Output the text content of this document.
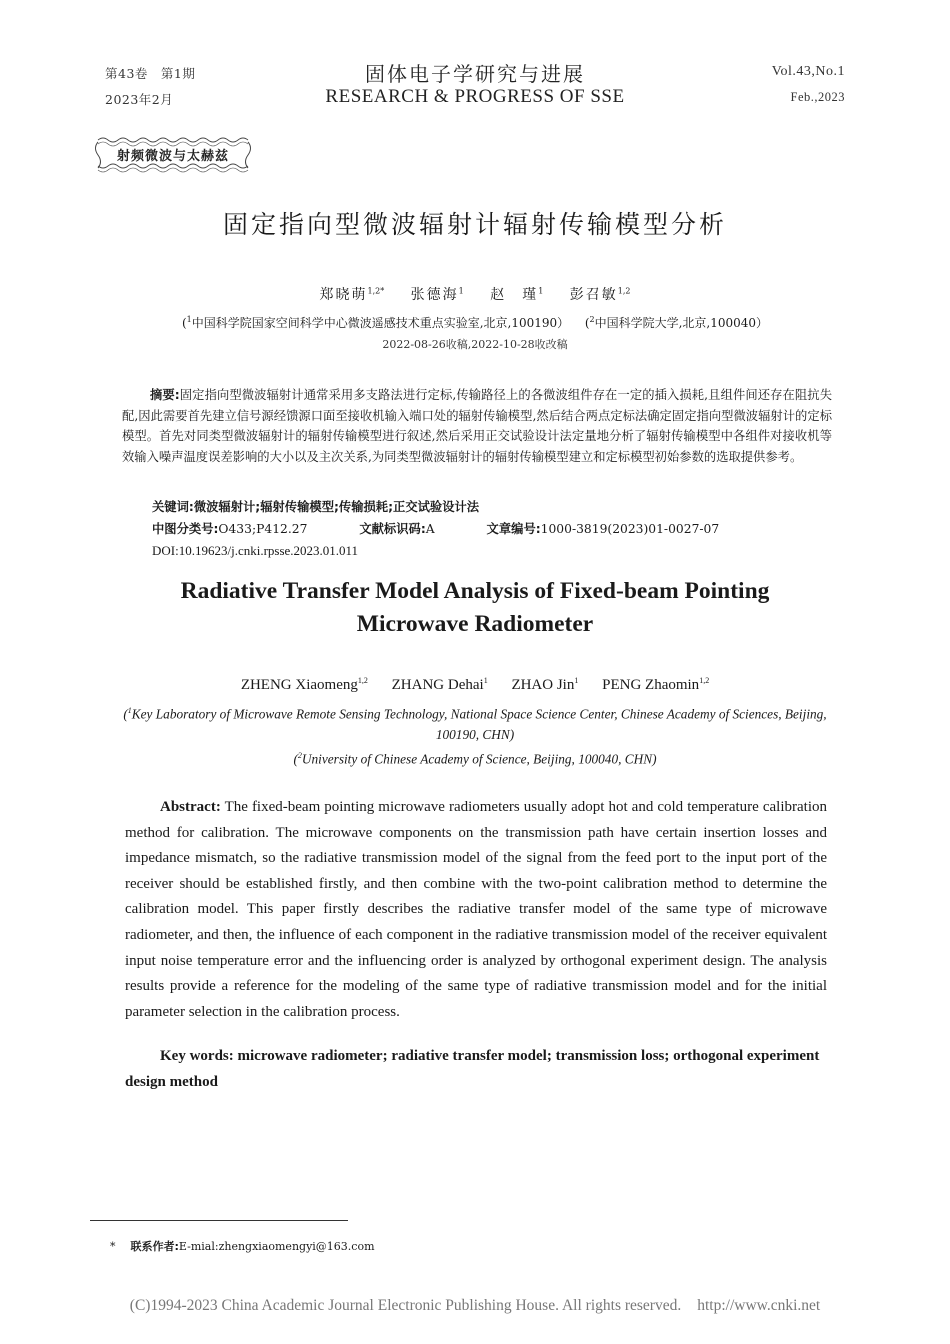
第43卷　第1期
2023年2月
固体电子学研究与进展
RESEARCH & PROGRESS OF SSE
Vol.43,No.1
Feb.,2023
射频微波与太赫兹
固定指向型微波辐射计辐射传输模型分析
郑晓萌$^{1,2*}$ 张德海$^1$ 赵　瑾$^1$ 彭召敏$^{1,2}$
($^1$中国科学院国家空间科学中心微波遥感技术重点实验室,北京,100190） ($^2$中国科学院大学,北京,100040）
2022-08-26收稿,2022-10-28收改稿
摘要:固定指向型微波辐射计通常采用多支路法进行定标,传输路径上的各微波组件存在一定的插入损耗,且组件间还存在阻抗失配,因此需要首先建立信号源经馈源口面至接收机输入端口处的辐射传输模型,然后结合两点定标法确定固定指向型微波辐射计的定标模型。首先对同类型微波辐射计的辐射传输模型进行叙述,然后采用正交试验设计法定量地分析了辐射传输模型中各组件对接收机等效输入噪声温度误差影响的大小以及主次关系,为同类型微波辐射计的辐射传输模型建立和定标模型初始参数的选取提供参考。
关键词:微波辐射计;辐射传输模型;传输损耗;正交试验设计法
中图分类号:O433;P412.27	文献标识码:A	文章编号:1000-3819(2023)01-0027-07
DOI:10.19623/j.cnki.rpsse.2023.01.011
Radiative Transfer Model Analysis of Fixed-beam Pointing
Microwave Radiometer
ZHENG Xiaomeng$^{1,2}$ ZHANG Dehai$^1$ ZHAO Jin$^1$ PENG Zhaomin$^{1,2}$
($^1$Key Laboratory of Microwave Remote Sensing Technology, National Space Science Center, Chinese Academy of Sciences, Beijing, 100190, CHN)
($^2$University of Chinese Academy of Science, Beijing, 100040, CHN)
Abstract: The fixed-beam pointing microwave radiometers usually adopt hot and cold temperature calibration method for calibration. The microwave components on the transmission path have certain insertion losses and impedance mismatch, so the radiative transmission model of the signal from the feed port to the input port of the receiver should be established firstly, and then combine with the two-point calibration method to determine the calibration model. This paper firstly describes the radiative transfer model of the same type of microwave radiometer, and then, the influence of each component in the radiative transmission model of the receiver equivalent input noise temperature error and the influencing order is analyzed by orthogonal experiment design. The analysis results provide a reference for the modeling of the same type of radiative transmission model and for the initial parameter selection in the calibration process.
Key words: microwave radiometer; radiative transfer model; transmission loss; orthogonal experiment design method
* 联系作者:E-mial:zhengxiaomengyi@163.com
(C)1994-2023 China Academic Journal Electronic Publishing House. All rights reserved. http://www.cnki.net
